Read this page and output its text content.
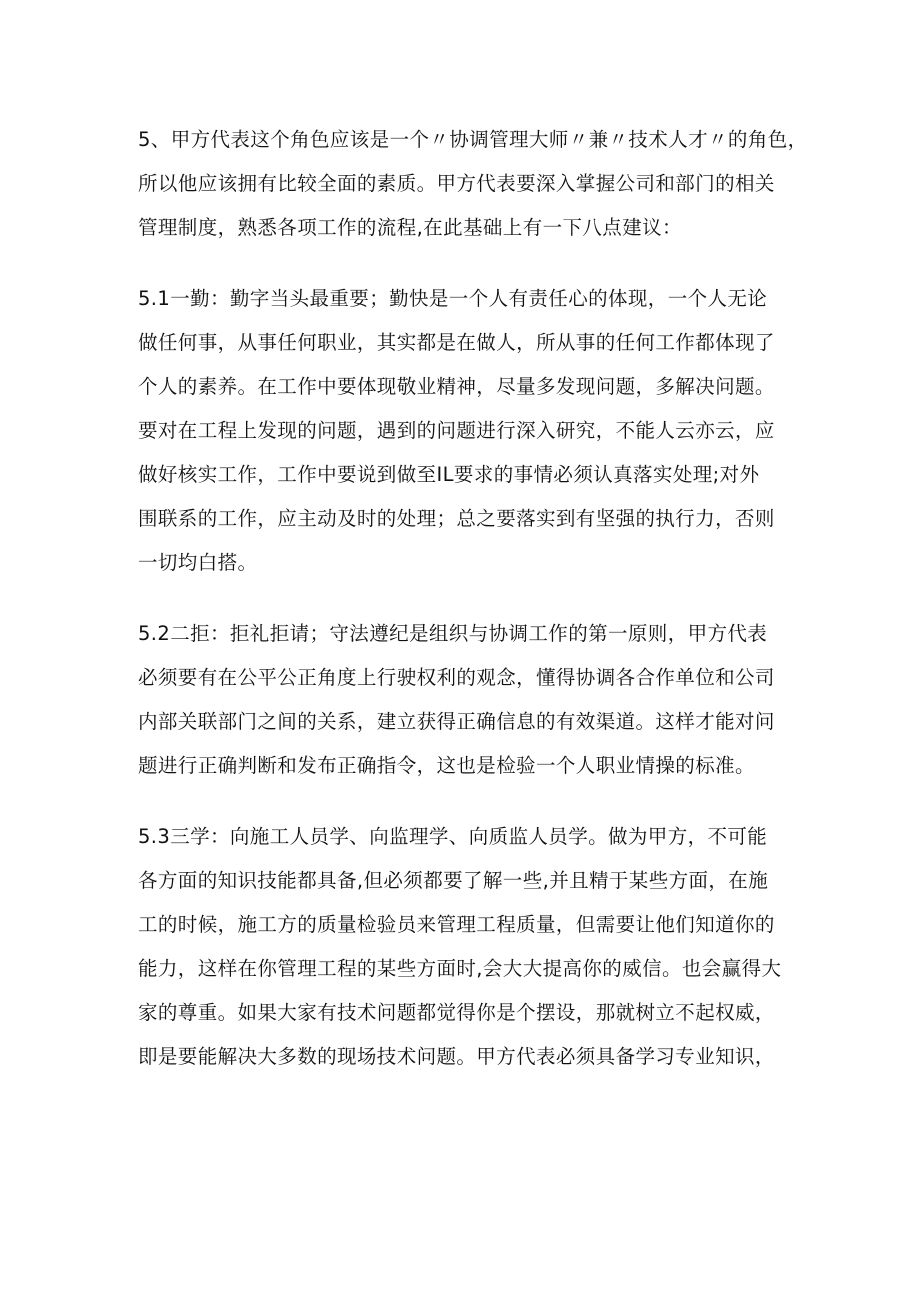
5、甲方代表这个角色应该是一个〃协调管理大师〃兼〃技术人才〃的角色，
所以他应该拥有比较全面的素质。甲方代表要深入掌握公司和部门的相关
管理制度，熟悉各项工作的流程,在此基础上有一下八点建议：
5.1一勤：勤字当头最重要；勤快是一个人有责任心的体现，一个人无论
做任何事，从事任何职业，其实都是在做人，所从事的任何工作都体现了
个人的素养。在工作中要体现敬业精神，尽量多发现问题，多解决问题。
要对在工程上发现的问题，遇到的问题进行深入研究，不能人云亦云，应
做好核实工作，工作中要说到做至IL要求的事情必须认真落实处理;对外
围联系的工作，应主动及时的处理；总之要落实到有坚强的执行力，否则
一切均白搭。
5.2二拒：拒礼拒请；守法遵纪是组织与协调工作的第一原则，甲方代表
必须要有在公平公正角度上行驶权利的观念，懂得协调各合作单位和公司
内部关联部门之间的关系，建立获得正确信息的有效渠道。这样才能对问
题进行正确判断和发布正确指令，这也是检验一个人职业情操的标准。
5.3三学：向施工人员学、向监理学、向质监人员学。做为甲方，不可能
各方面的知识技能都具备,但必须都要了解一些,并且精于某些方面，在施
工的时候，施工方的质量检验员来管理工程质量，但需要让他们知道你的
能力，这样在你管理工程的某些方面时,会大大提高你的威信。也会赢得大
家的尊重。如果大家有技术问题都觉得你是个摆设，那就树立不起权威，
即是要能解决大多数的现场技术问题。甲方代表必须具备学习专业知识，
